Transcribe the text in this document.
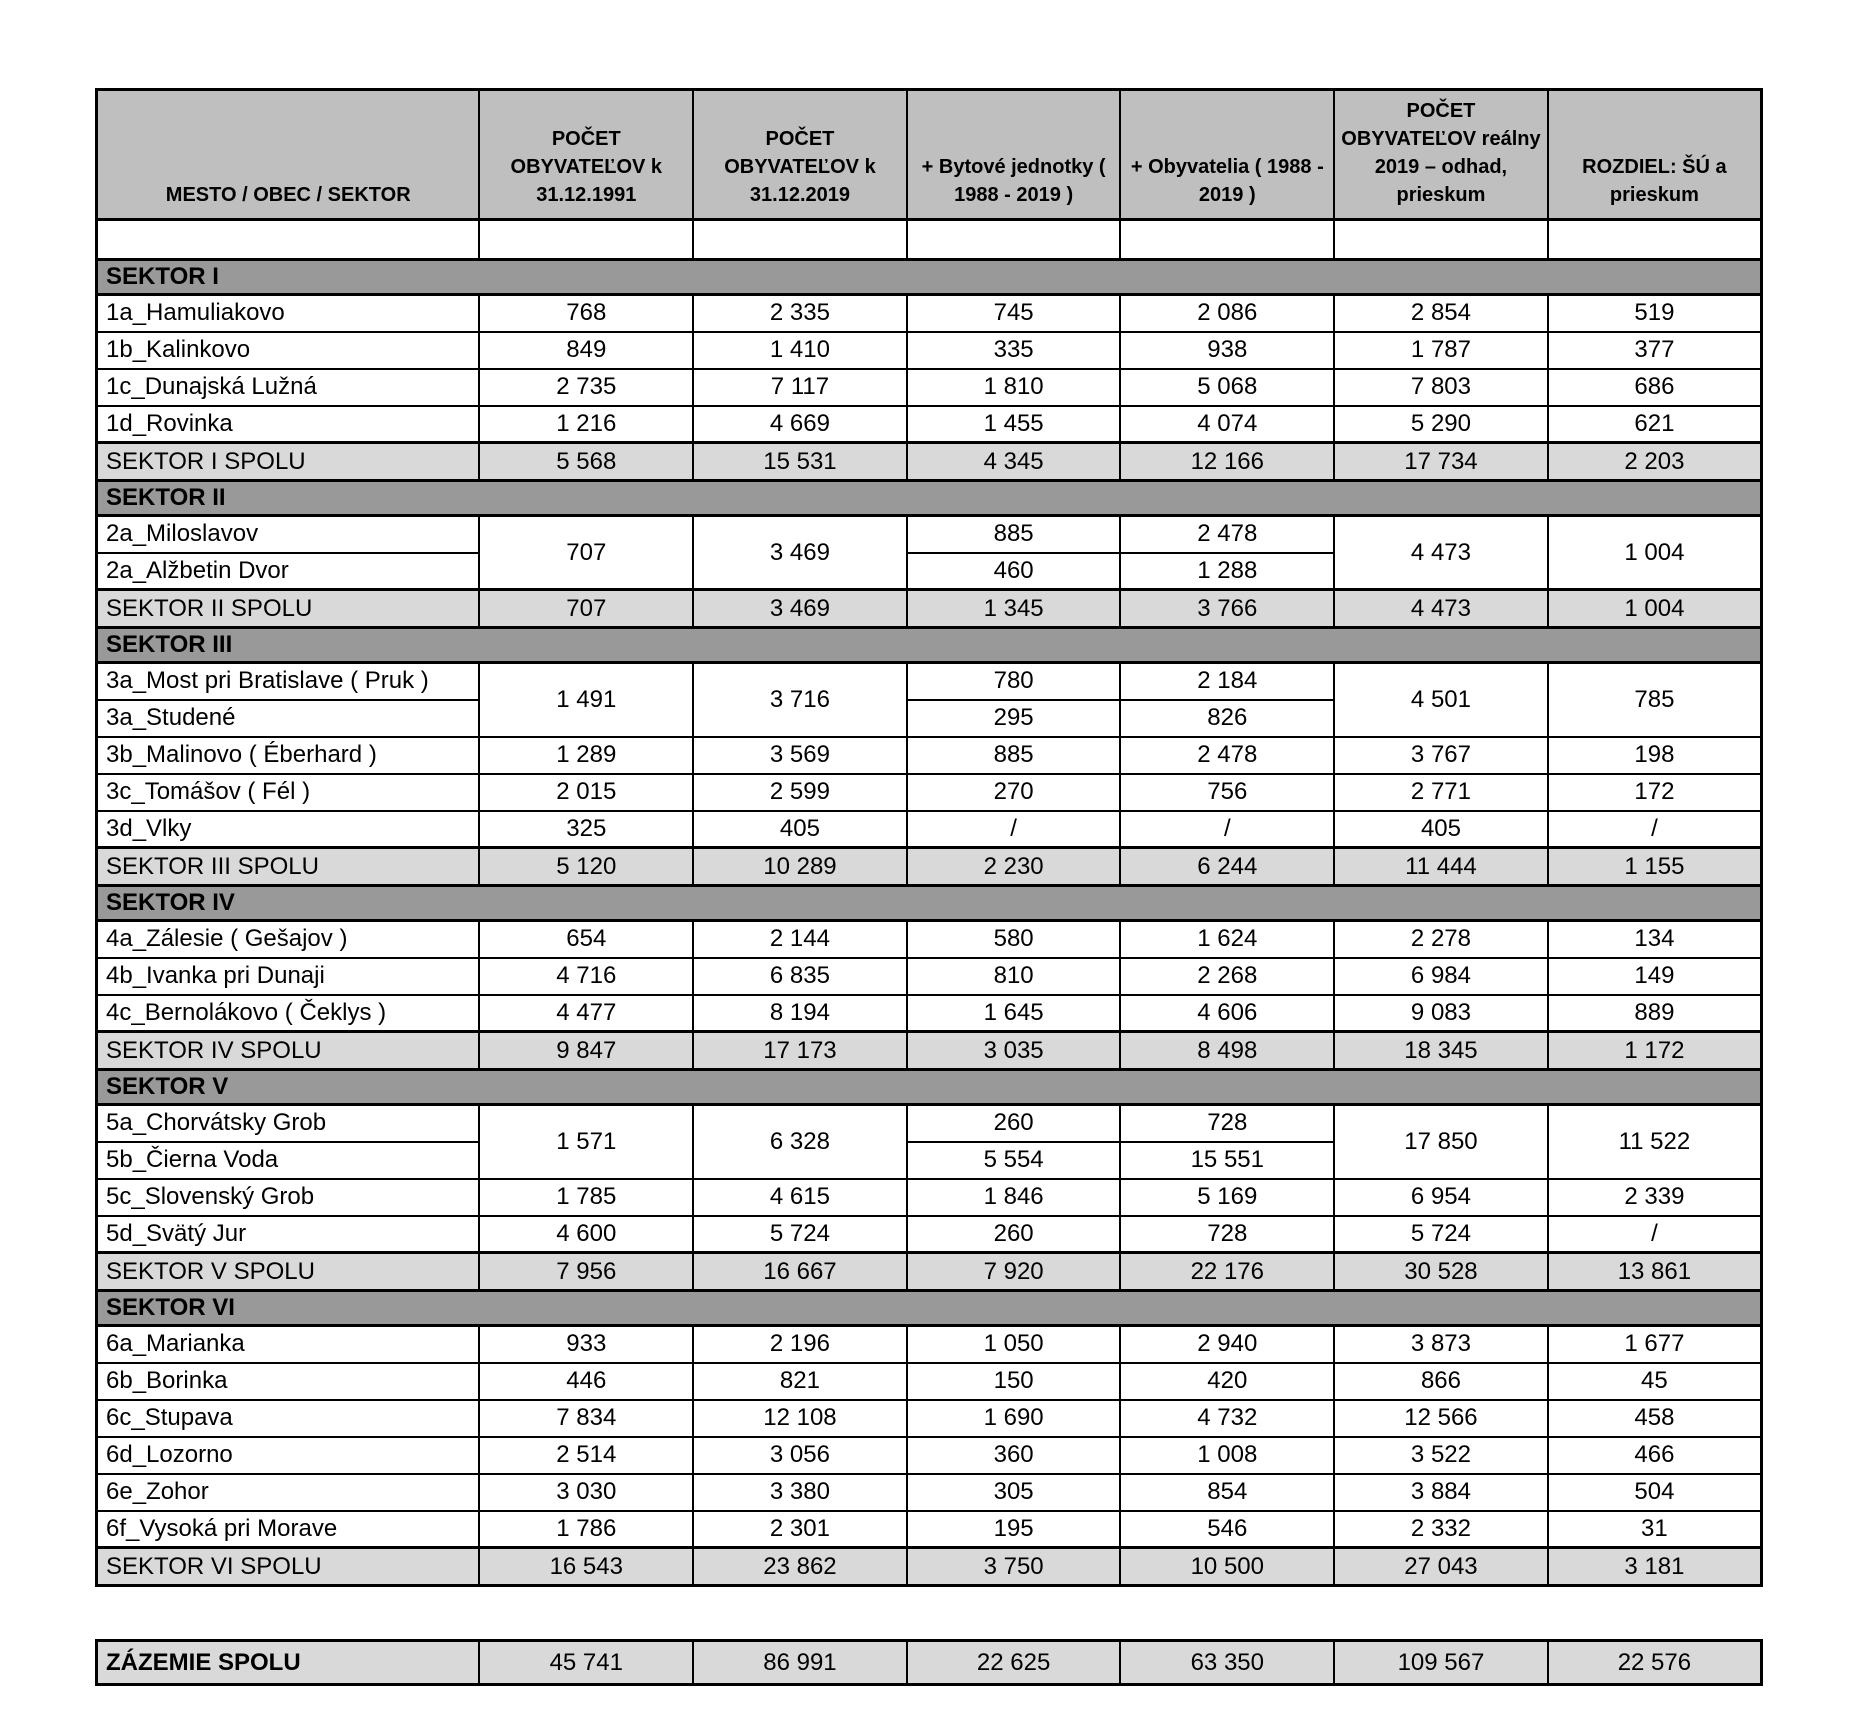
MESTO / OBEC / SEKTOR	POČET OBYVATEĽOV k 31.12.1991	POČET OBYVATEĽOV k 31.12.2019	+ Bytové jednotky ( 1988 - 2019 )	+ Obyvatelia ( 1988 - 2019 )	POČET OBYVATEĽOV reálny 2019 – odhad, prieskum	ROZDIEL: ŠÚ a prieskum

SEKTOR I						
1a_Hamuliakovo	768	2 335	745	2 086	2 854	519
1b_Kalinkovo	849	1 410	335	938	1 787	377
1c_Dunajská Lužná	2 735	7 117	1 810	5 068	7 803	686
1d_Rovinka	1 216	4 669	1 455	4 074	5 290	621
SEKTOR I SPOLU	5 568	15 531	4 345	12 166	17 734	2 203
SEKTOR II						
2a_Miloslavov	707	3 469	885	2 478	4 473	1 004
2a_Alžbetin Dvor			460	1 288		
SEKTOR II SPOLU	707	3 469	1 345	3 766	4 473	1 004
SEKTOR III						
3a_Most pri Bratislave ( Pruk )	1 491	3 716	780	2 184	4 501	785
3a_Studené			295	826		
3b_Malinovo ( Éberhard )	1 289	3 569	885	2 478	3 767	198
3c_Tomášov ( Fél )	2 015	2 599	270	756	2 771	172
3d_Vlky	325	405	/	/	405	/
SEKTOR III SPOLU	5 120	10 289	2 230	6 244	11 444	1 155
SEKTOR IV						
4a_Zálesie ( Gešajov )	654	2 144	580	1 624	2 278	134
4b_Ivanka pri Dunaji	4 716	6 835	810	2 268	6 984	149
4c_Bernolákovo ( Čeklys )	4 477	8 194	1 645	4 606	9 083	889
SEKTOR IV SPOLU	9 847	17 173	3 035	8 498	18 345	1 172
SEKTOR V						
5a_Chorvátsky Grob	1 571	6 328	260	728	17 850	11 522
5b_Čierna Voda			5 554	15 551		
5c_Slovenský Grob	1 785	4 615	1 846	5 169	6 954	2 339
5d_Svätý Jur	4 600	5 724	260	728	5 724	/
SEKTOR V SPOLU	7 956	16 667	7 920	22 176	30 528	13 861
SEKTOR VI						
6a_Marianka	933	2 196	1 050	2 940	3 873	1 677
6b_Borinka	446	821	150	420	866	45
6c_Stupava	7 834	12 108	1 690	4 732	12 566	458
6d_Lozorno	2 514	3 056	360	1 008	3 522	466
6e_Zohor	3 030	3 380	305	854	3 884	504
6f_Vysoká pri Morave	1 786	2 301	195	546	2 332	31
SEKTOR VI SPOLU	16 543	23 862	3 750	10 500	27 043	3 181
ZÁZEMIE SPOLU	45 741	86 991	22 625	63 350	109 567	22 576
